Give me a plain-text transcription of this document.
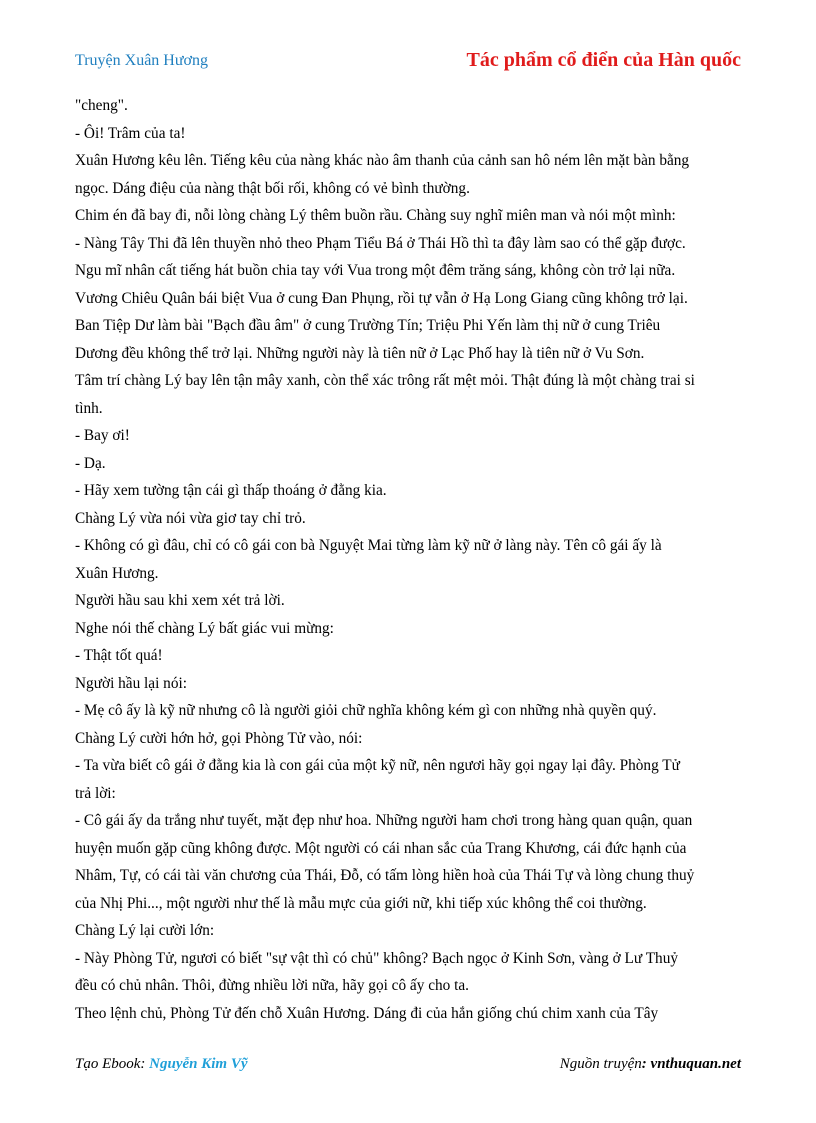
Truyện Xuân Hương	Tác phẩm cổ điển của Hàn quốc
"cheng".
- Ôi! Trâm của ta!
Xuân Hương kêu lên. Tiếng kêu của nàng khác nào âm thanh của cảnh san hô ném lên mặt bàn bằng
ngọc. Dáng điệu của nàng thật bối rối, không có vẻ bình thường.
Chim én đã bay đi, nỗi lòng chàng Lý thêm buồn rầu. Chàng suy nghĩ miên man và nói một mình:
- Nàng Tây Thi đã lên thuyền nhỏ theo Phạm Tiểu Bá ở Thái Hồ thì ta đây làm sao có thể gặp được.
Ngu mĩ nhân cất tiếng hát buồn chia tay với Vua trong một đêm trăng sáng, không còn trở lại nữa.
Vương Chiêu Quân bái biệt Vua ở cung Đan Phụng, rồi tự vẫn ở Hạ Long Giang cũng không trở lại.
Ban Tiệp Dư làm bài "Bạch đầu âm" ở cung Trường Tín; Triệu Phi Yến làm thị nữ ở cung Triêu
Dương đều không thể trở lại. Những người này là tiên nữ ở Lạc Phố hay là tiên nữ ở Vu Sơn.
Tâm trí chàng Lý bay lên tận mây xanh, còn thể xác trông rất mệt mỏi. Thật đúng là một chàng trai si
tình.
- Bay ơi!
- Dạ.
- Hãy xem tường tận cái gì thấp thoáng ở đằng kia.
Chàng Lý vừa nói vừa giơ tay chỉ trỏ.
- Không có gì đâu, chỉ có cô gái con bà Nguyệt Mai từng làm kỹ nữ ở làng này. Tên cô gái ấy là
Xuân Hương.
Người hầu sau khi xem xét trả lời.
Nghe nói thế chàng Lý bất giác vui mừng:
- Thật tốt quá!
Người hầu lại nói:
- Mẹ cô ấy là kỹ nữ nhưng cô là người giỏi chữ nghĩa không kém gì con những nhà quyền quý.
Chàng Lý cười hớn hở, gọi Phòng Tử vào, nói:
- Ta vừa biết cô gái ở đằng kia là con gái của một kỹ nữ, nên ngươi hãy gọi ngay lại đây. Phòng Tử
trả lời:
- Cô gái ấy da trắng như tuyết, mặt đẹp như hoa. Những người ham chơi trong hàng quan quận, quan
huyện muốn gặp cũng không được. Một người có cái nhan sắc của Trang Khương, cái đức hạnh của
Nhâm, Tự, có cái tài văn chương của Thái, Đỗ, có tấm lòng hiền hoà của Thái Tự và lòng chung thuỷ
của Nhị Phi..., một người như thế là mẫu mực của giới nữ, khi tiếp xúc không thể coi thường.
Chàng Lý lại cười lớn:
- Này Phòng Tử, ngươi có biết "sự vật thì có chủ" không? Bạch ngọc ở Kinh Sơn, vàng ở Lư Thuỷ
đều có chủ nhân. Thôi, đừng nhiều lời nữa, hãy gọi cô ấy cho ta.
Theo lệnh chủ, Phòng Tử đến chỗ Xuân Hương. Dáng đi của hắn giống chú chim xanh của Tây
Tạo Ebook: Nguyễn Kim Vỹ	Nguồn truyện: vnthuquan.net
